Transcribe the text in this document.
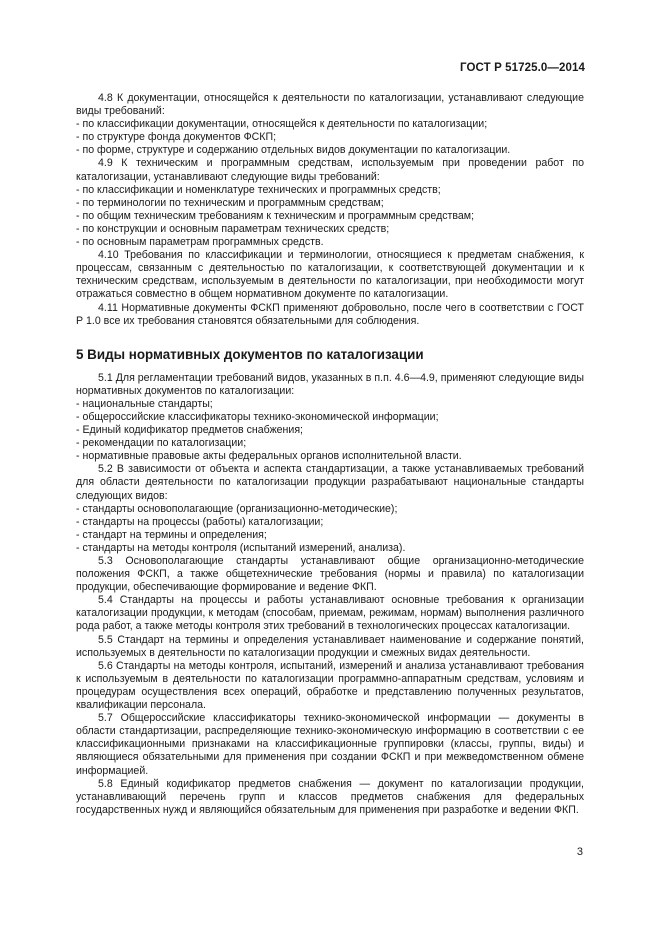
ГОСТ Р 51725.0—2014
4.8 К документации, относящейся к деятельности по каталогизации, устанавливают следующие виды требований:
- по классификации документации, относящейся к деятельности по каталогизации;
- по структуре фонда документов ФСКП;
- по форме, структуре и содержанию отдельных видов документации по каталогизации.
4.9 К техническим и программным средствам, используемым при проведении работ по каталогизации, устанавливают следующие виды требований:
- по классификации и номенклатуре технических и программных средств;
- по терминологии по техническим и программным средствам;
- по общим техническим требованиям к техническим и программным средствам;
- по конструкции и основным параметрам технических средств;
- по основным параметрам программных средств.
4.10 Требования по классификации и терминологии, относящиеся к предметам снабжения, к процессам, связанным с деятельностью по каталогизации, к соответствующей документации и к техническим средствам, используемым в деятельности по каталогизации, при необходимости могут отражаться совместно в общем нормативном документе по каталогизации.
4.11 Нормативные документы ФСКП применяют добровольно, после чего в соответствии с ГОСТ Р 1.0 все их требования становятся обязательными для соблюдения.
5 Виды нормативных документов по каталогизации
5.1 Для регламентации требований видов, указанных в п.п. 4.6—4.9, применяют следующие виды нормативных документов по каталогизации:
- национальные стандарты;
- общероссийские классификаторы технико-экономической информации;
- Единый кодификатор предметов снабжения;
- рекомендации по каталогизации;
- нормативные правовые акты федеральных органов исполнительной власти.
5.2 В зависимости от объекта и аспекта стандартизации, а также устанавливаемых требований для области деятельности по каталогизации продукции разрабатывают национальные стандарты следующих видов:
- стандарты основополагающие (организационно-методические);
- стандарты на процессы (работы) каталогизации;
- стандарт на термины и определения;
- стандарты на методы контроля (испытаний измерений, анализа).
5.3 Основополагающие стандарты устанавливают общие организационно-методические положения ФСКП, а также общетехнические требования (нормы и правила) по каталогизации продукции, обеспечивающие формирование и ведение ФКП.
5.4 Стандарты на процессы и работы устанавливают основные требования к организации каталогизации продукции, к методам (способам, приемам, режимам, нормам) выполнения различного рода работ, а также методы контроля этих требований в технологических процессах каталогизации.
5.5 Стандарт на термины и определения устанавливает наименование и содержание понятий, используемых в деятельности по каталогизации продукции и смежных видах деятельности.
5.6 Стандарты на методы контроля, испытаний, измерений и анализа устанавливают требования к используемым в деятельности по каталогизации программно-аппаратным средствам, условиям и процедурам осуществления всех операций, обработке и представлению полученных результатов, квалификации персонала.
5.7 Общероссийские классификаторы технико-экономической информации — документы в области стандартизации, распределяющие технико-экономическую информацию в соответствии с ее классификационными признаками на классификационные группировки (классы, группы, виды) и являющиеся обязательными для применения при создании ФСКП и при межведомственном обмене информацией.
5.8 Единый кодификатор предметов снабжения — документ по каталогизации продукции, устанавливающий перечень групп и классов предметов снабжения для федеральных государственных нужд и являющийся обязательным для применения при разработке и ведении ФКП.
3
